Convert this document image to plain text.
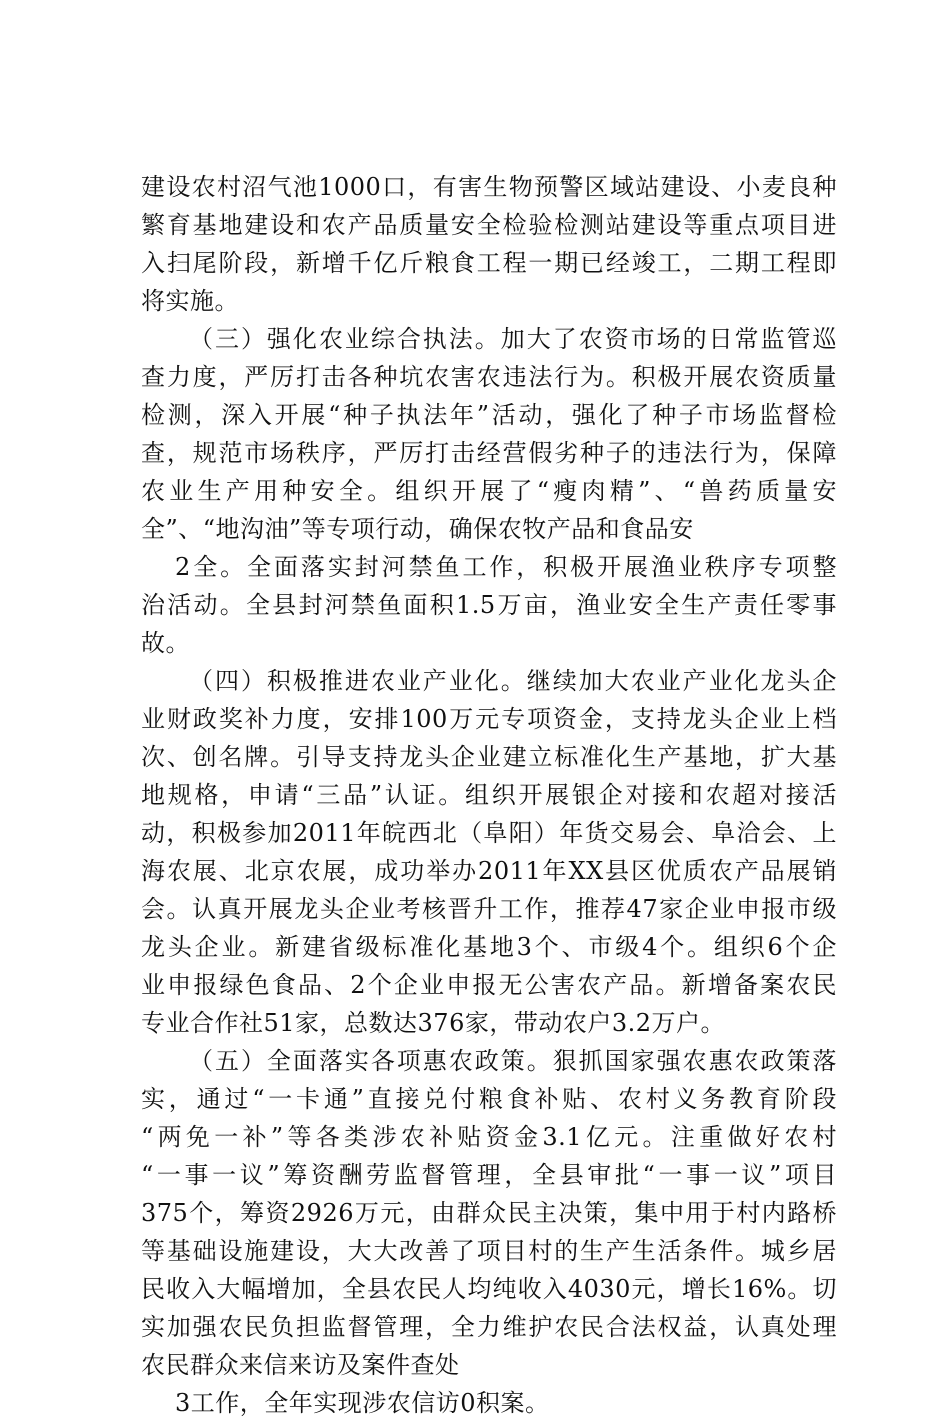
建设农村沼气池1000口，有害生物预警区域站建设、小麦良种

繁育基地建设和农产品质量安全检验检测站建设等重点项目进

入扫尾阶段，新增千亿斤粮食工程一期已经竣工，二期工程即

将实施。

（三）强化农业综合执法。加大了农资市场的日常监管巡

查力度，严厉打击各种坑农害农违法行为。积极开展农资质量

检测，深入开展“种子执法年”活动，强化了种子市场监督检

查，规范市场秩序，严厉打击经营假劣种子的违法行为，保障

农业生产用种安全。组织开展了“瘦肉精”、“兽药质量安

全”、“地沟油”等专项行动，确保农牧产品和食品安

2全。全面落实封河禁鱼工作，积极开展渔业秩序专项整

治活动。全县封河禁鱼面积1.5万亩，渔业安全生产责任零事

故。

（四）积极推进农业产业化。继续加大农业产业化龙头企

业财政奖补力度，安排100万元专项资金，支持龙头企业上档

次、创名牌。引导支持龙头企业建立标准化生产基地，扩大基

地规格，申请“三品”认证。组织开展银企对接和农超对接活

动，积极参加2011年皖西北（阜阳）年货交易会、阜洽会、上

海农展、北京农展，成功举办2011年XX县区优质农产品展销

会。认真开展龙头企业考核晋升工作，推荐47家企业申报市级

龙头企业。新建省级标准化基地3个、市级4个。组织6个企

业申报绿色食品、2个企业申报无公害农产品。新增备案农民

专业合作社51家，总数达376家，带动农户3.2万户。

（五）全面落实各项惠农政策。狠抓国家强农惠农政策落

实，通过“一卡通”直接兑付粮食补贴、农村义务教育阶段

“两免一补”等各类涉农补贴资金3.1亿元。注重做好农村

“一事一议”筹资酬劳监督管理，全县审批“一事一议”项目

375个，筹资2926万元，由群众民主决策，集中用于村内路桥

等基础设施建设，大大改善了项目村的生产生活条件。城乡居

民收入大幅增加，全县农民人均纯收入4030元，增长16%。切

实加强农民负担监督管理，全力维护农民合法权益，认真处理

农民群众来信来访及案件查处

3工作，全年实现涉农信访0积案。
